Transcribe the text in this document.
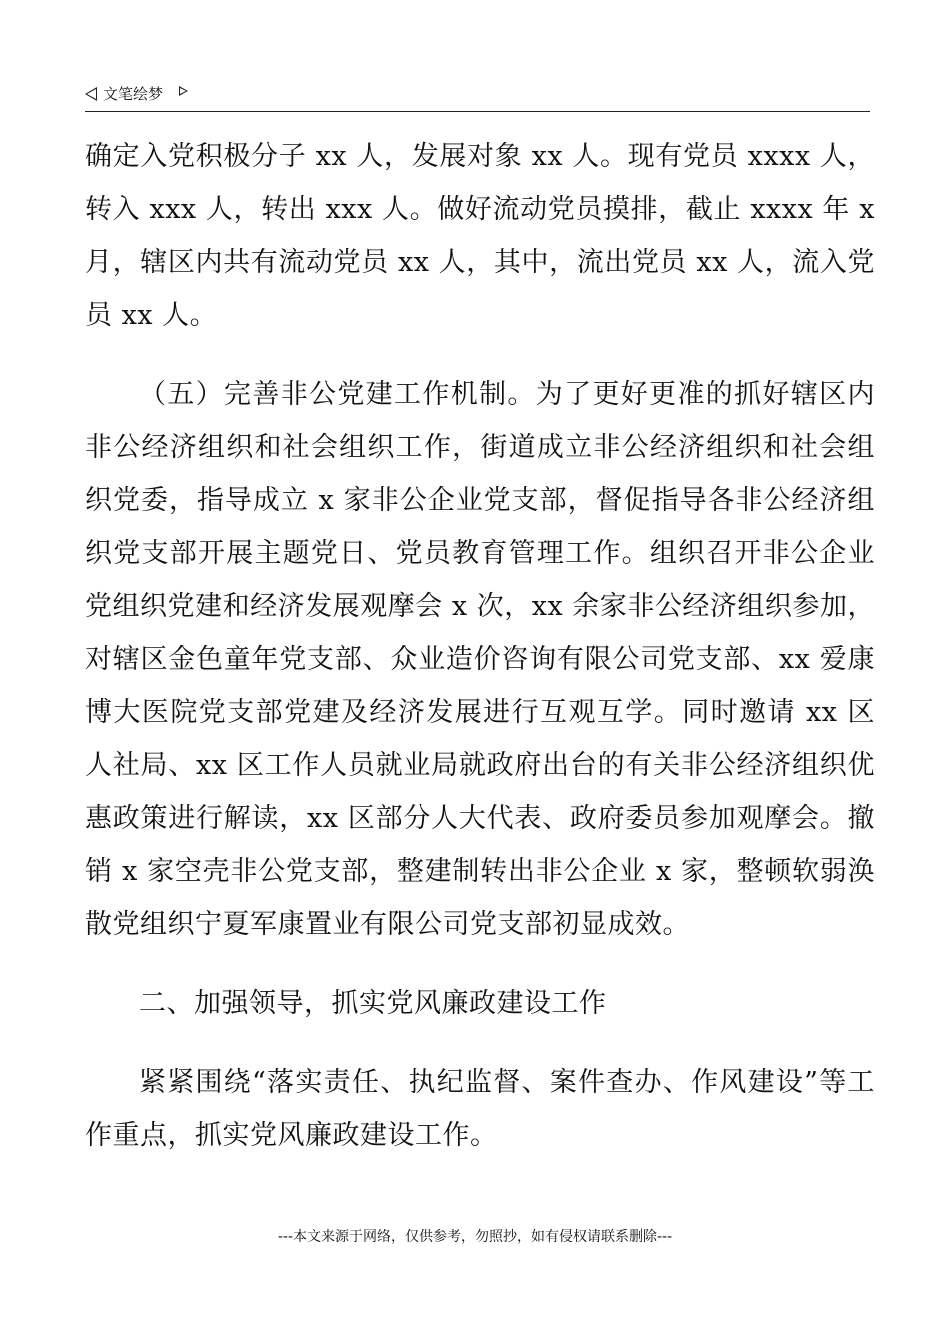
文笔绘梦

确定入党积极分子 xx 人，发展对象 xx 人。现有党员 xxxx 人，转入 xxx 人，转出 xxx 人。做好流动党员摸排，截止 xxxx 年 x 月，辖区内共有流动党员 xx 人，其中，流出党员 xx 人，流入党员 xx 人。

（五）完善非公党建工作机制。为了更好更准的抓好辖区内非公经济组织和社会组织工作，街道成立非公经济组织和社会组织党委，指导成立 x 家非公企业党支部，督促指导各非公经济组织党支部开展主题党日、党员教育管理工作。组织召开非公企业党组织党建和经济发展观摩会 x 次，xx 余家非公经济组织参加，对辖区金色童年党支部、众业造价咨询有限公司党支部、xx 爱康博大医院党支部党建及经济发展进行互观互学。同时邀请 xx 区人社局、xx 区工作人员就业局就政府出台的有关非公经济组织优惠政策进行解读，xx 区部分人大代表、政府委员参加观摩会。撤销 x 家空壳非公党支部，整建制转出非公企业 x 家，整顿软弱涣散党组织宁夏军康置业有限公司党支部初显成效。

二、加强领导，抓实党风廉政建设工作

紧紧围绕“落实责任、执纪监督、案件查办、作风建设”等工作重点，抓实党风廉政建设工作。

---本文来源于网络，仅供参考，勿照抄，如有侵权请联系删除---
